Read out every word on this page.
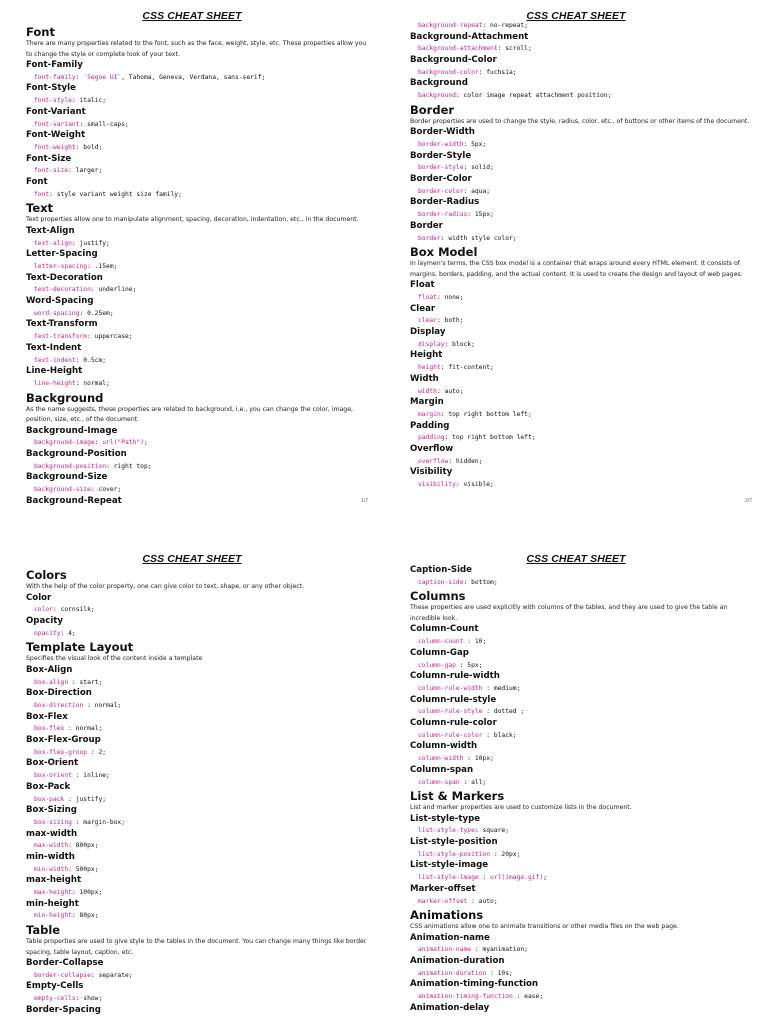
CSS CHEAT SHEET
Font
There are many properties related to the font, such as the face, weight, style, etc. These properties allow you to change the style or complete look of your text.
Font-Family
font-family: `Segoe UI`, Tahoma, Geneva, Verdana, sans-serif;
Font-Style
font-style: italic;
Font-Variant
font-variant: small-caps;
Font-Weight
font-weight: bold;
Font-Size
font-size: larger;
Font
font: style variant weight size family;
Text
Text properties allow one to manipulate alignment, spacing, decoration, indentation, etc., in the document.
Text-Align
text-align: justify;
Letter-Spacing
letter-spacing: .15em;
Text-Decoration
text-decoration: underline;
Word-Spacing
word-spacing: 0.25em;
Text-Transform
text-transform: uppercase;
Text-Indent
text-indent: 0.5cm;
Line-Height
line-height: normal;
Background
As the name suggests, these properties are related to background, i.e., you can change the color, image, position, size, etc., of the document.
Background-Image
background-image: url("Path");
Background-Position
background-position: right top;
Background-Size
background-size: cover;
Background-Repeat	1/7
CSS CHEAT SHEET
background-repeat: no-repeat;
Background-Attachment
background-attachment: scroll;
Background-Color
background-color: fuchsia;
Background
background: color image repeat attachment position;
Border
Border properties are used to change the style, radius, color, etc., of buttons or other items of the document.
Border-Width
border-width: 5px;
Border-Style
border-style: solid;
Border-Color
border-color: aqua;
Border-Radius
border-radius: 15px;
Border
border: width style color;
Box Model
In laymen's terms, the CSS box model is a container that wraps around every HTML element. It consists of margins, borders, padding, and the actual content. It is used to create the design and layout of web pages.
Float
float: none;
Clear
clear: both;
Display
display: block;
Height
height: fit-content;
Width
width: auto;
Margin
margin: top right bottom left;
Padding
padding: top right bottom left;
Overflow
overflow: hidden;
Visibility
visibility: visible;
2/7
CSS CHEAT SHEET
Colors
With the help of the color property, one can give color to text, shape, or any other object.
Color
color: cornsilk;
Opacity
opacity: 4;
Template Layout
Specifies the visual look of the content inside a template
Box-Align
box-align : start;
Box-Direction
box-direction : normal;
Box-Flex
box-flex : normal;
Box-Flex-Group
box-flex-group : 2;
Box-Orient
box-orient : inline;
Box-Pack
box-pack : justify;
Box-Sizing
box-sizing : margin-box;
max-width
max-width: 800px;
min-width
min-width: 500px;
max-height
max-height: 100px;
min-height
min-height: 80px;
Table
Table properties are used to give style to the tables in the document. You can change many things like border spacing, table layout, caption, etc.
Border-Collapse
border-collapse: separate;
Empty-Cells
empty-cells: show;
Border-Spacing
CSS CHEAT SHEET
Caption-Side
caption-side: bottom;
Columns
These properties are used explicitly with columns of the tables, and they are used to give the table an incredible look.
Column-Count
column-count : 10;
Column-Gap
column-gap : 5px;
Column-rule-width
column-rule-width : medium;
Column-rule-style
column-rule-style : dotted ;
Column-rule-color
column-rule-color : black;
Column-width
column-width : 10px;
Column-span
column-span : all;
List & Markers
List and marker properties are used to customize lists in the document.
List-style-type
list-style-type: square;
List-style-position
list-style-position : 20px;
List-style-image
list-style-image : url(image.gif);
Marker-offset
marker-offset : auto;
Animations
CSS animations allow one to animate transitions or other media files on the web page.
Animation-name
animation-name : myanimation;
Animation-duration
animation-duration : 10s;
Animation-timing-function
animation-timing-function : ease;
Animation-delay
